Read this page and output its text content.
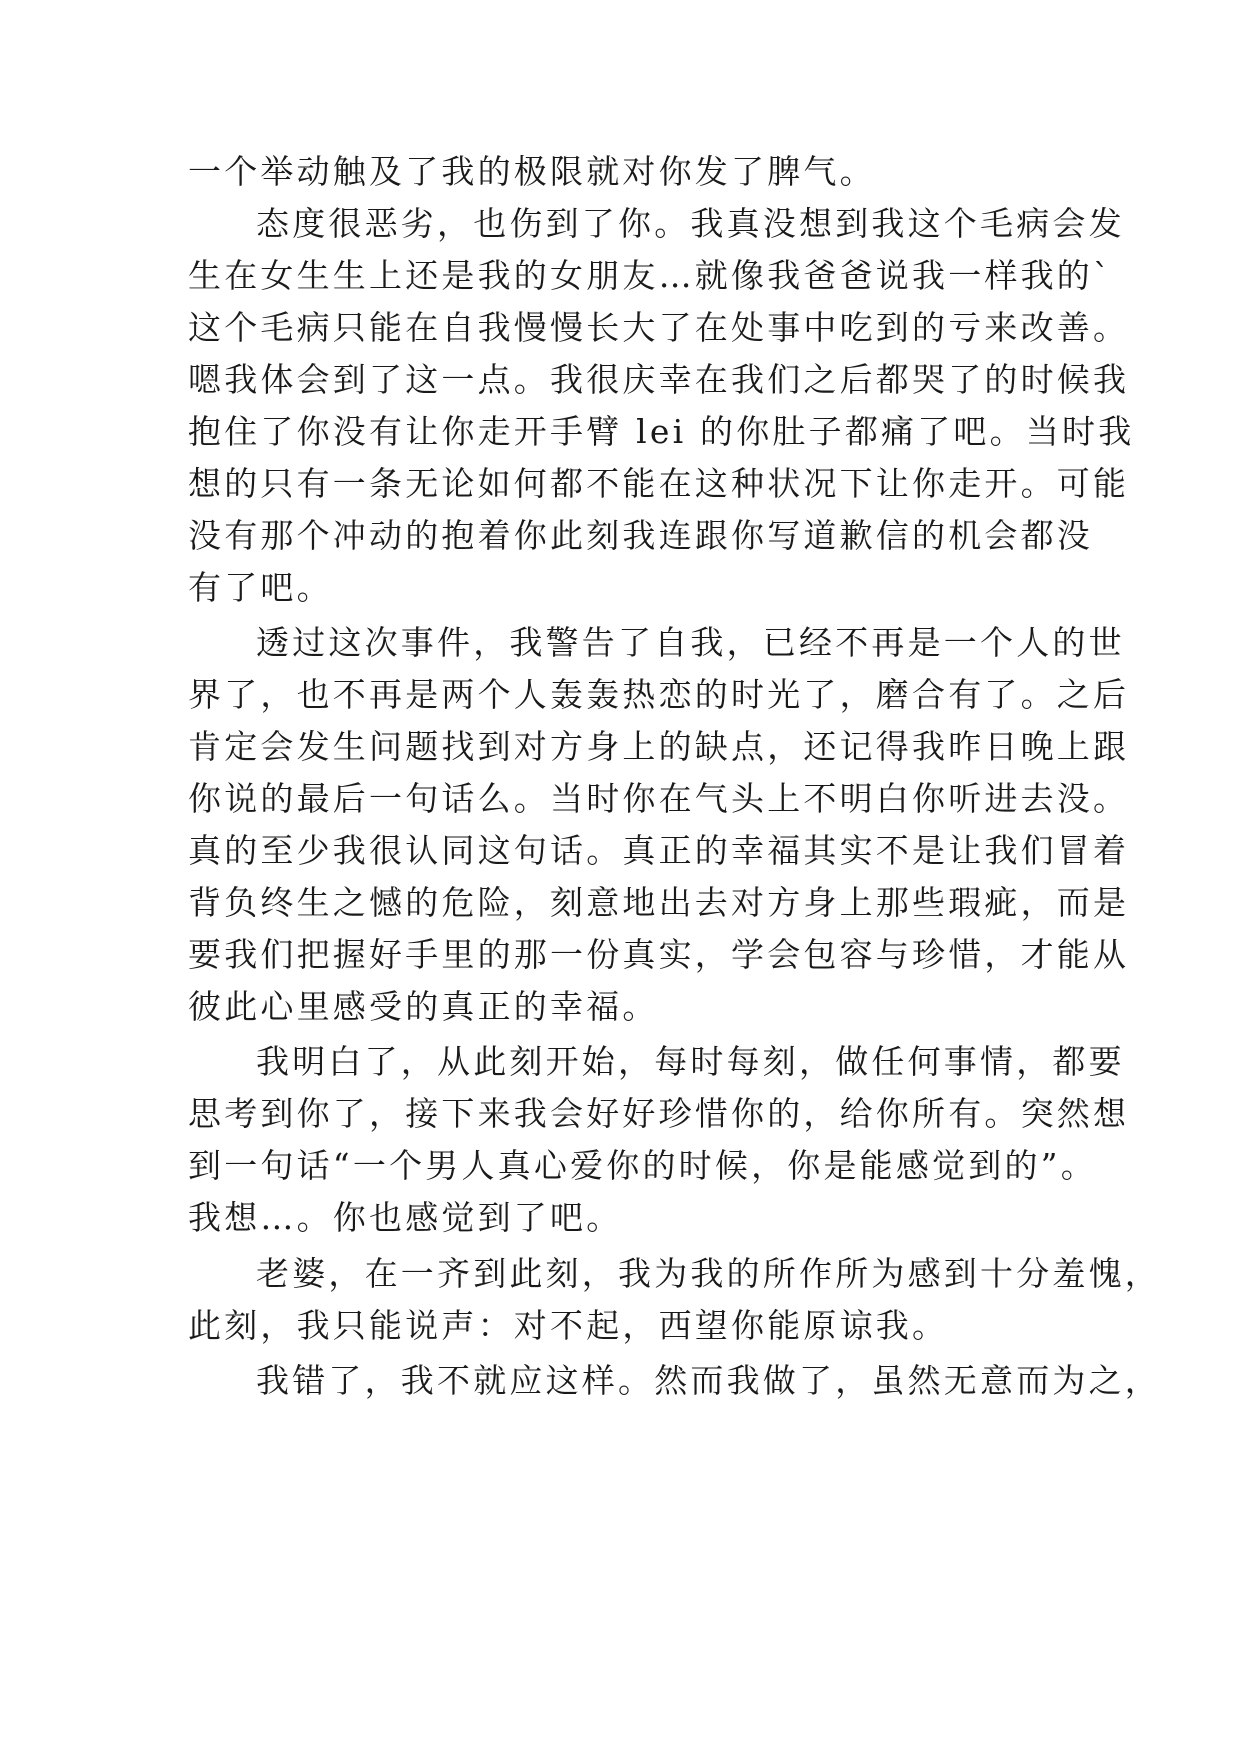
一个举动触及了我的极限就对你发了脾气。
态度很恶劣，也伤到了你。我真没想到我这个毛病会发
生在女生生上还是我的女朋友…就像我爸爸说我一样我的`
这个毛病只能在自我慢慢长大了在处事中吃到的亏来改善。
嗯我体会到了这一点。我很庆幸在我们之后都哭了的时候我
抱住了你没有让你走开手臂 lei 的你肚子都痛了吧。当时我
想的只有一条无论如何都不能在这种状况下让你走开。可能
没有那个冲动的抱着你此刻我连跟你写道歉信的机会都没
有了吧。
透过这次事件，我警告了自我，已经不再是一个人的世
界了，也不再是两个人轰轰热恋的时光了，磨合有了。之后
肯定会发生问题找到对方身上的缺点，还记得我昨日晚上跟
你说的最后一句话么。当时你在气头上不明白你听进去没。
真的至少我很认同这句话。真正的幸福其实不是让我们冒着
背负终生之憾的危险，刻意地出去对方身上那些瑕疵，而是
要我们把握好手里的那一份真实，学会包容与珍惜，才能从
彼此心里感受的真正的幸福。
我明白了，从此刻开始，每时每刻，做任何事情，都要
思考到你了，接下来我会好好珍惜你的，给你所有。突然想
到一句话“一个男人真心爱你的时候，你是能感觉到的”。
我想…。你也感觉到了吧。
老婆，在一齐到此刻，我为我的所作所为感到十分羞愧，
此刻，我只能说声：对不起，西望你能原谅我。
我错了，我不就应这样。然而我做了，虽然无意而为之，
